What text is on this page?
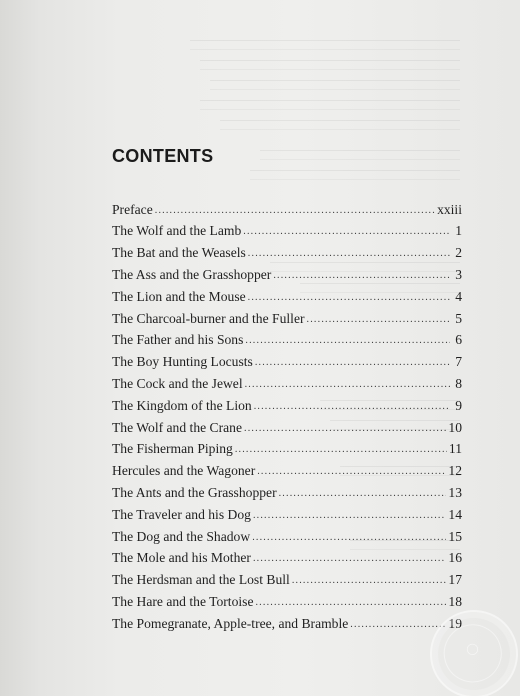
CONTENTS
Preface .....	xxiii
The Wolf and the Lamb .....	1
The Bat and the Weasels .....	2
The Ass and the Grasshopper .....	3
The Lion and the Mouse .....	4
The Charcoal-burner and the Fuller .....	5
The Father and his Sons .....	6
The Boy Hunting Locusts .....	7
The Cock and the Jewel .....	8
The Kingdom of the Lion .....	9
The Wolf and the Crane .....	10
The Fisherman Piping .....	11
Hercules and the Wagoner .....	12
The Ants and the Grasshopper .....	13
The Traveler and his Dog .....	14
The Dog and the Shadow .....	15
The Mole and his Mother .....	16
The Herdsman and the Lost Bull .....	17
The Hare and the Tortoise .....	18
The Pomegranate, Apple-tree, and Bramble .....	19
◯
